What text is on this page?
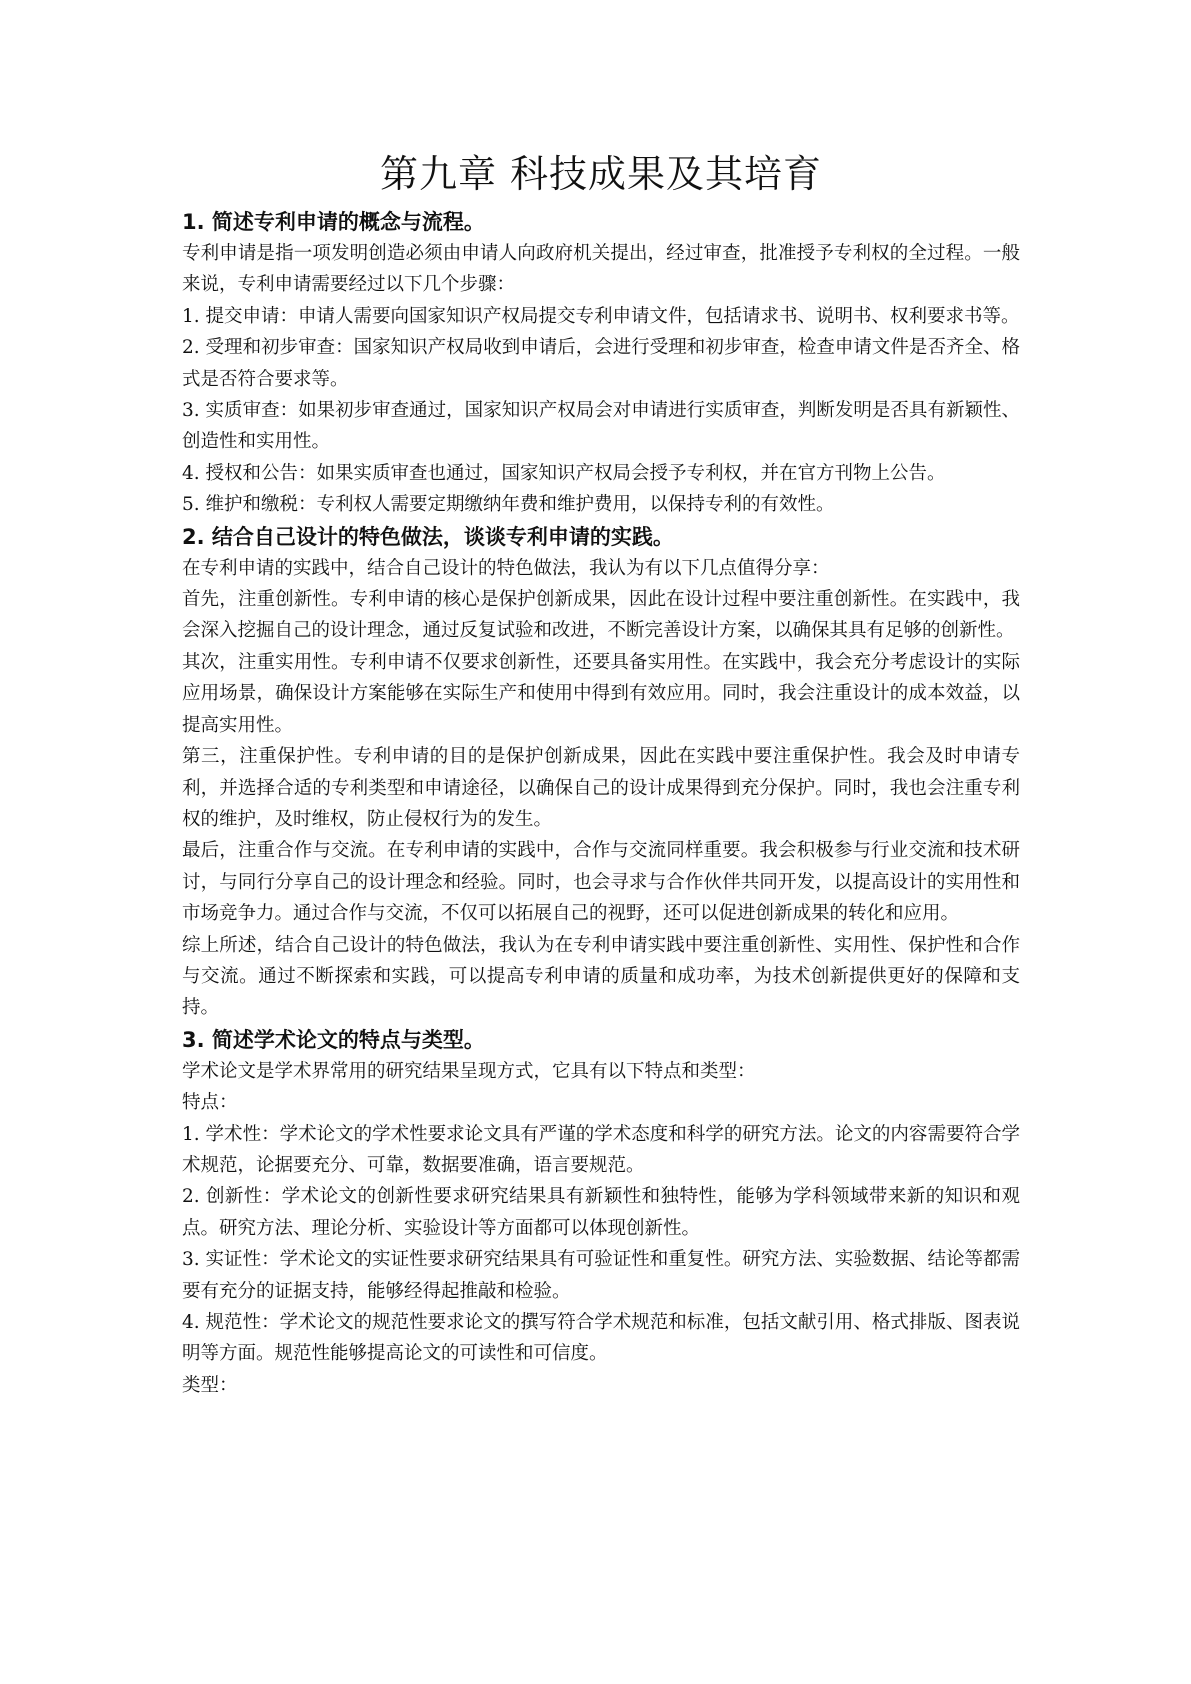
第九章 科技成果及其培育
1. 简述专利申请的概念与流程。

专利申请是指一项发明创造必须由申请人向政府机关提出，经过审查，批准授予专利权的全过程。一般来说，专利申请需要经过以下几个步骤：

1. 提交申请：申请人需要向国家知识产权局提交专利申请文件，包括请求书、说明书、权利要求书等。

2. 受理和初步审查：国家知识产权局收到申请后，会进行受理和初步审查，检查申请文件是否齐全、格式是否符合要求等。

3. 实质审查：如果初步审查通过，国家知识产权局会对申请进行实质审查，判断发明是否具有新颖性、创造性和实用性。

4. 授权和公告：如果实质审查也通过，国家知识产权局会授予专利权，并在官方刊物上公告。

5. 维护和缴税：专利权人需要定期缴纳年费和维护费用，以保持专利的有效性。

2. 结合自己设计的特色做法，谈谈专利申请的实践。

在专利申请的实践中，结合自己设计的特色做法，我认为有以下几点值得分享：

首先，注重创新性。专利申请的核心是保护创新成果，因此在设计过程中要注重创新性。在实践中，我会深入挖掘自己的设计理念，通过反复试验和改进，不断完善设计方案，以确保其具有足够的创新性。

其次，注重实用性。专利申请不仅要求创新性，还要具备实用性。在实践中，我会充分考虑设计的实际应用场景，确保设计方案能够在实际生产和使用中得到有效应用。同时，我会注重设计的成本效益，以提高实用性。

第三，注重保护性。专利申请的目的是保护创新成果，因此在实践中要注重保护性。我会及时申请专利，并选择合适的专利类型和申请途径，以确保自己的设计成果得到充分保护。同时，我也会注重专利权的维护，及时维权，防止侵权行为的发生。

最后，注重合作与交流。在专利申请的实践中，合作与交流同样重要。我会积极参与行业交流和技术研讨，与同行分享自己的设计理念和经验。同时，也会寻求与合作伙伴共同开发，以提高设计的实用性和市场竞争力。通过合作与交流，不仅可以拓展自己的视野，还可以促进创新成果的转化和应用。

综上所述，结合自己设计的特色做法，我认为在专利申请实践中要注重创新性、实用性、保护性和合作与交流。通过不断探索和实践，可以提高专利申请的质量和成功率，为技术创新提供更好的保障和支持。

3. 简述学术论文的特点与类型。

学术论文是学术界常用的研究结果呈现方式，它具有以下特点和类型：

特点：

1. 学术性：学术论文的学术性要求论文具有严谨的学术态度和科学的研究方法。论文的内容需要符合学术规范，论据要充分、可靠，数据要准确，语言要规范。

2. 创新性：学术论文的创新性要求研究结果具有新颖性和独特性，能够为学科领域带来新的知识和观点。研究方法、理论分析、实验设计等方面都可以体现创新性。

3. 实证性：学术论文的实证性要求研究结果具有可验证性和重复性。研究方法、实验数据、结论等都需要有充分的证据支持，能够经得起推敲和检验。

4. 规范性：学术论文的规范性要求论文的撰写符合学术规范和标准，包括文献引用、格式排版、图表说明等方面。规范性能够提高论文的可读性和可信度。

类型：
